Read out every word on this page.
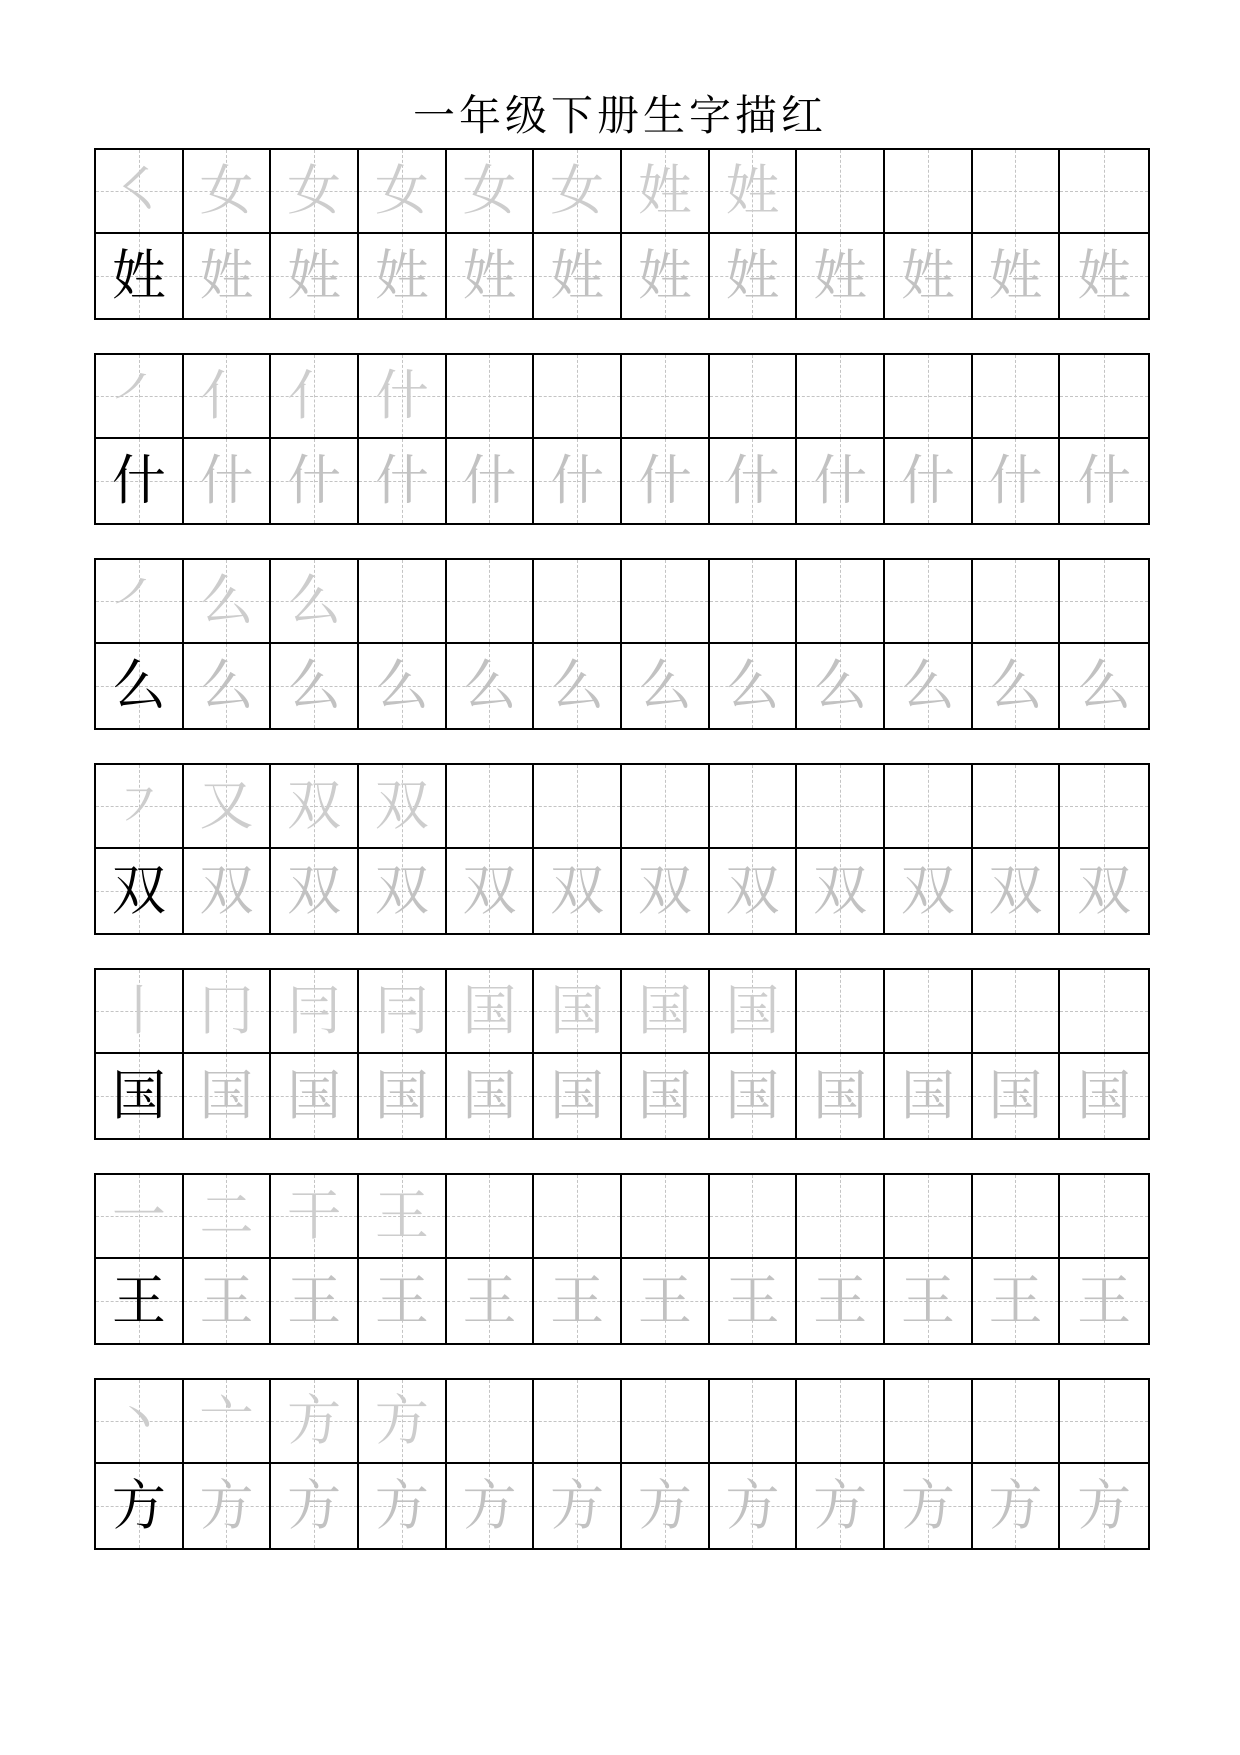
一年级下册生字描红
㇛ 女 女 女 女 女 姓 姓
姓 姓 姓 姓 姓 姓 姓 姓 姓 姓 姓 姓
㇒ 亻 亻 什
什 什 什 什 什 什 什 什 什 什 什 什
㇒ 么 么
么 么 么 么 么 么 么 么 么 么 么 么
㇇ 又 双 双
双 双 双 双 双 双 双 双 双 双 双 双
丨 冂 冃 冃 国 国 国 国
国 国 国 国 国 国 国 国 国 国 国 国
一 二 干 王
王 王 王 王 王 王 王 王 王 王 王 王
丶 亠 方 方
方 方 方 方 方 方 方 方 方 方 方 方
